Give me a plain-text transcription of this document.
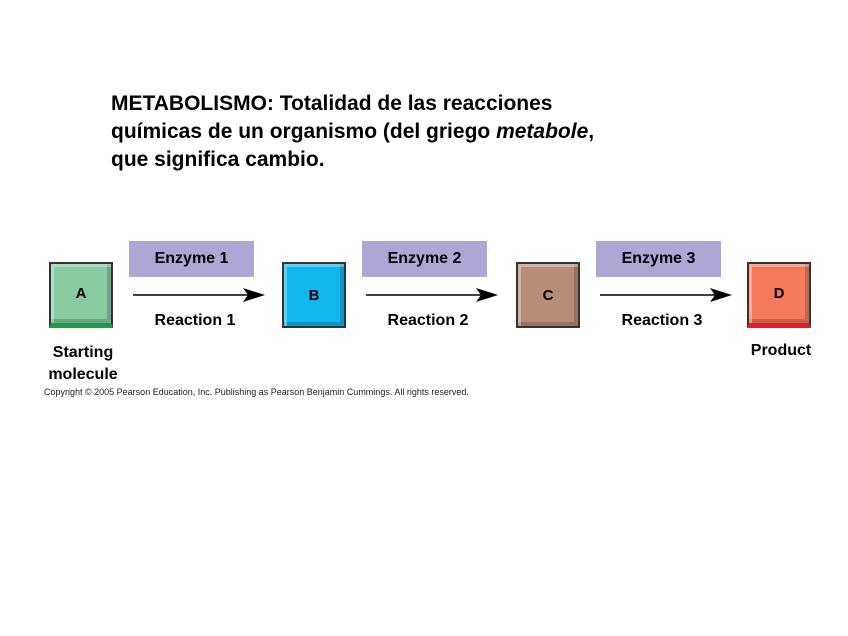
METABOLISMO: Totalidad de las reacciones

químicas de un organismo (del griego metabole,

que significa cambio.

Enzyme 1	Enzyme 2	Enzyme 3
A	B	C	D
Reaction 1	Reaction 2	Reaction 3
Starting
molecule
Product
Copyright © 2005 Pearson Education, Inc. Publishing as Pearson Benjamin Cummings. All rights reserved.
